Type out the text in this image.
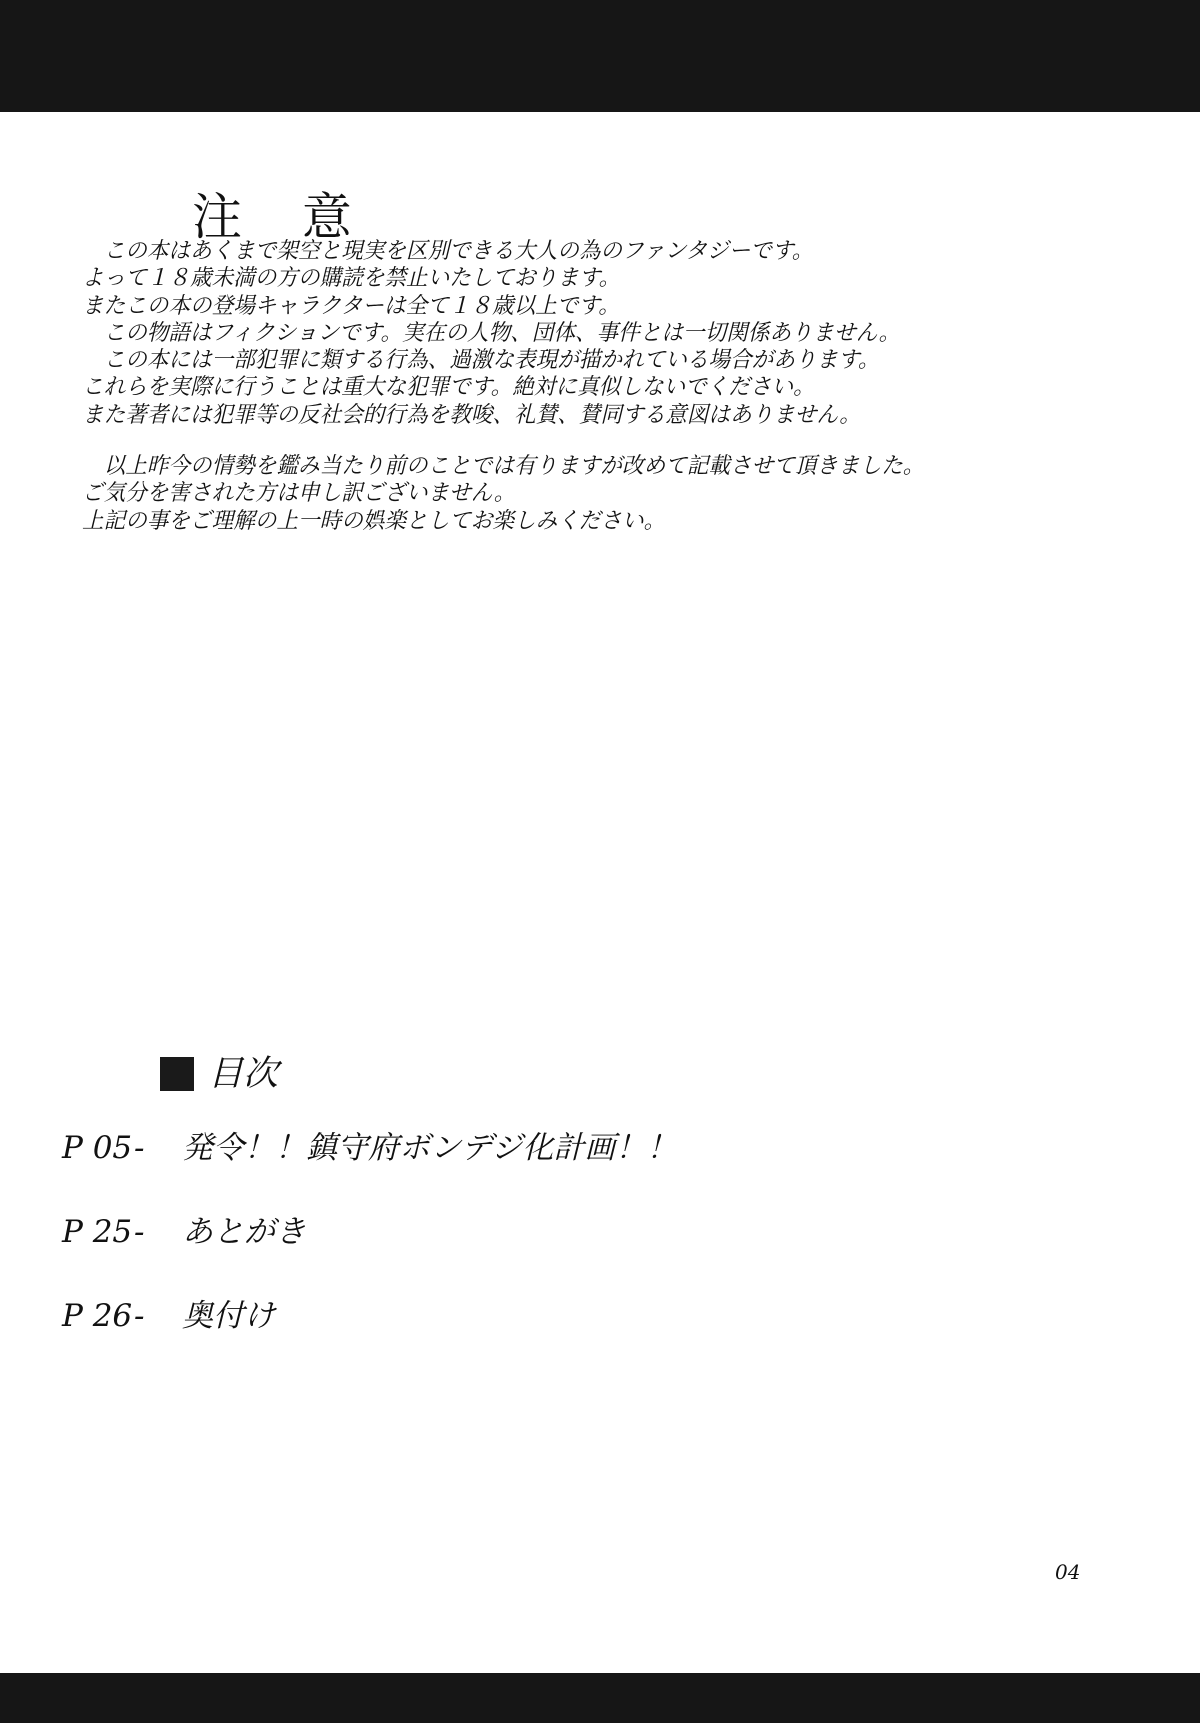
注 意
　この本はあくまで架空と現実を区別できる大人の為のファンタジーです。
よって１８歳未満の方の購読を禁止いたしております。
またこの本の登場キャラクターは全て１８歳以上です。
　この物語はフィクションです。実在の人物、団体、事件とは一切関係ありません。
　この本には一部犯罪に類する行為、過激な表現が描かれている場合があります。
これらを実際に行うことは重大な犯罪です。絶対に真似しないでください。
また著者には犯罪等の反社会的行為を教唆、礼賛、賛同する意図はありません。
　以上昨今の情勢を鑑み当たり前のことでは有りますが改めて記載させて頂きました。
ご気分を害された方は申し訳ございません。
上記の事をご理解の上一時の娯楽としてお楽しみください。
目次
P 05 - 発令！！鎮守府ボンデジ化計画！！
P 25 - あとがき
P 26 - 奥付け
04
